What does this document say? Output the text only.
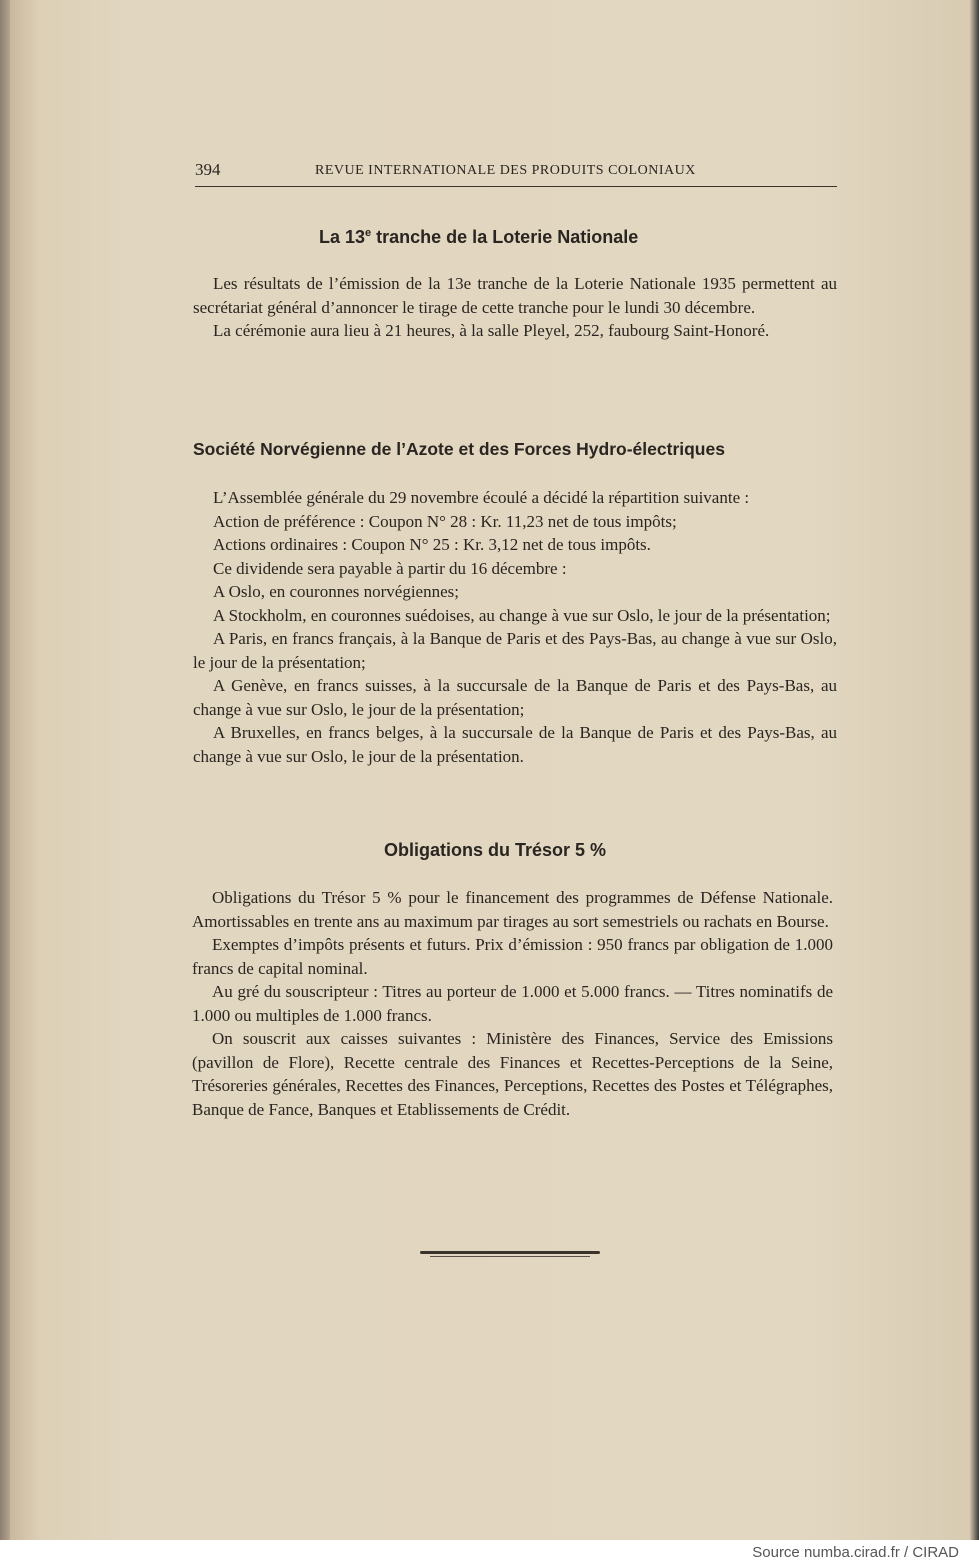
394	REVUE INTERNATIONALE DES PRODUITS COLONIAUX
La 13e tranche de la Loterie Nationale

Les résultats de l’émission de la 13e tranche de la Loterie Nationale 1935 permettent au secrétariat général d’annoncer le tirage de cette tranche pour le lundi 30 décembre.

La cérémonie aura lieu à 21 heures, à la salle Pleyel, 252, faubourg Saint-Honoré.

Société Norvégienne de l’Azote et des Forces Hydro-électriques

L’Assemblée générale du 29 novembre écoulé a décidé la répartition suivante :

Action de préférence : Coupon N° 28 : Kr. 11,23 net de tous impôts;

Actions ordinaires : Coupon N° 25 : Kr. 3,12 net de tous impôts.

Ce dividende sera payable à partir du 16 décembre :

A Oslo, en couronnes norvégiennes;

A Stockholm, en couronnes suédoises, au change à vue sur Oslo, le jour de la présentation;

A Paris, en francs français, à la Banque de Paris et des Pays-Bas, au change à vue sur Oslo, le jour de la présentation;

A Genève, en francs suisses, à la succursale de la Banque de Paris et des Pays-Bas, au change à vue sur Oslo, le jour de la présentation;

A Bruxelles, en francs belges, à la succursale de la Banque de Paris et des Pays-Bas, au change à vue sur Oslo, le jour de la présentation.

Obligations du Trésor 5 %

Obligations du Trésor 5 % pour le financement des programmes de Défense Nationale. Amortissables en trente ans au maximum par tirages au sort semestriels ou rachats en Bourse.

Exemptes d’impôts présents et futurs. Prix d’émission : 950 francs par obligation de 1.000 francs de capital nominal.

Au gré du souscripteur : Titres au porteur de 1.000 et 5.000 francs. — Titres nominatifs de 1.000 ou multiples de 1.000 francs.

On souscrit aux caisses suivantes : Ministère des Finances, Service des Emissions (pavillon de Flore), Recette centrale des Finances et Recettes-Perceptions de la Seine, Trésoreries générales, Recettes des Finances, Perceptions, Recettes des Postes et Télégraphes, Banque de Fance, Banques et Etablissements de Crédit.

Source numba.cirad.fr / CIRAD
